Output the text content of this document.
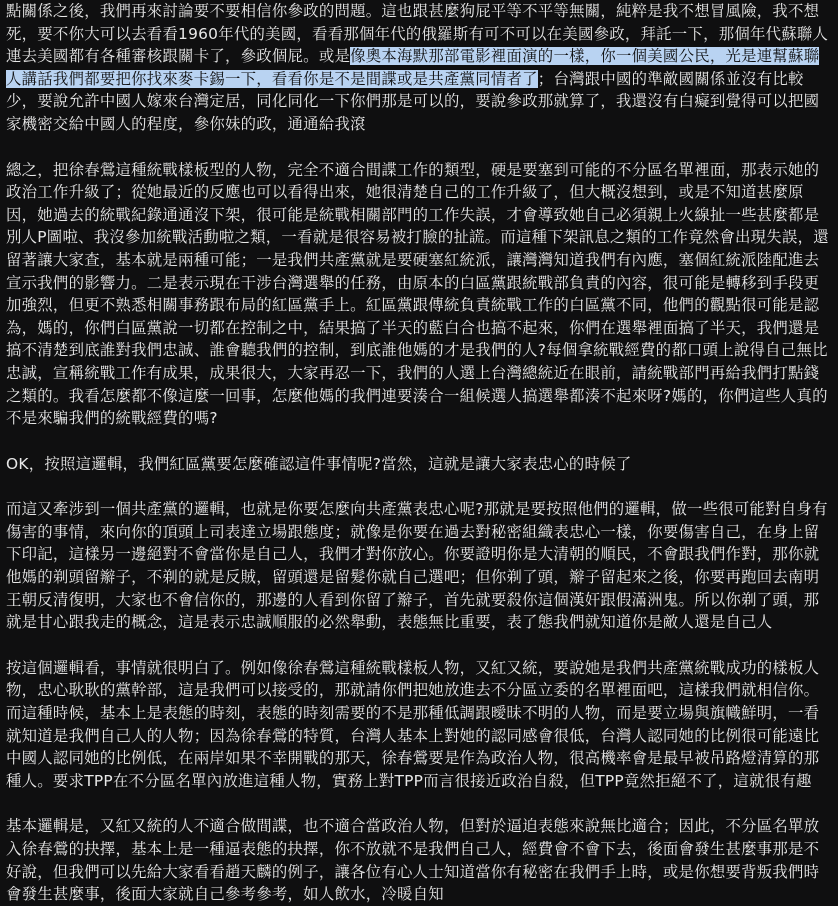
點關係之後，我們再來討論要不要相信你參政的問題。這也跟甚麼狗屁平等不平等無關，純粹是我不想冒風險，我不想死，要不你大可以去看看1960年代的美國，看看那個年代的俄羅斯有可不可以在美國參政，拜託一下，那個年代蘇聯人連去美國都有各種審核跟關卡了，參政個屁。或是像奧本海默那部電影裡面演的一樣，你一個美國公民，光是連幫蘇聯人講話我們都要把你找來麥卡錫一下，看看你是不是間諜或是共產黨同情者了；台灣跟中國的準敵國關係並沒有比較少，要說允許中國人嫁來台灣定居，同化同化一下你們那是可以的，要說參政那就算了，我還沒有白癡到覺得可以把國家機密交給中國人的程度，參你妹的政，通通給我滾

總之，把徐春鶯這種統戰樣板型的人物，完全不適合間諜工作的類型，硬是要塞到可能的不分區名單裡面，那表示她的政治工作升級了；從她最近的反應也可以看得出來，她很清楚自己的工作升級了，但大概沒想到，或是不知道甚麼原因，她過去的統戰紀錄通通沒下架，很可能是統戰相關部門的工作失誤，才會導致她自己必須親上火線扯一些甚麼都是別人P圖啦、我沒參加統戰活動啦之類，一看就是很容易被打臉的扯謊。而這種下架訊息之類的工作竟然會出現失誤，還留著讓大家查，基本就是兩種可能；一是我們共產黨就是要硬塞紅統派，讓灣灣知道我們有內應，塞個紅統派陸配進去宣示我們的影響力。二是表示現在干涉台灣選舉的任務，由原本的白區黨跟統戰部負責的內容，很可能是轉移到手段更加強烈，但更不熟悉相關事務跟布局的紅區黨手上。紅區黨跟傳統負責統戰工作的白區黨不同，他們的觀點很可能是認為，媽的，你們白區黨說一切都在控制之中，結果搞了半天的藍白合也搞不起來，你們在選舉裡面搞了半天，我們還是搞不清楚到底誰對我們忠誠、誰會聽我們的控制，到底誰他媽的才是我們的人?每個拿統戰經費的都口頭上說得自己無比忠誠，宣稱統戰工作有成果，成果很大，大家再忍一下，我們的人選上台灣總統近在眼前，請統戰部門再給我們打點錢之類的。我看怎麼都不像這麼一回事，怎麼他媽的我們連要湊合一組候選人搞選舉都湊不起來呀?媽的，你們這些人真的不是來騙我們的統戰經費的嗎?

OK，按照這邏輯，我們紅區黨要怎麼確認這件事情呢?當然，這就是讓大家表忠心的時候了

而這又牽涉到一個共產黨的邏輯，也就是你要怎麼向共產黨表忠心呢?那就是要按照他們的邏輯，做一些很可能對自身有傷害的事情，來向你的頂頭上司表達立場跟態度；就像是你要在過去對秘密組織表忠心一樣，你要傷害自己，在身上留下印記，這樣另一邊絕對不會當你是自己人，我們才對你放心。你要證明你是大清朝的順民，不會跟我們作對，那你就他媽的剃頭留辮子，不剃的就是反賊，留頭還是留髮你就自己選吧；但你剃了頭，辮子留起來之後，你要再跑回去南明王朝反清復明，大家也不會信你的，那邊的人看到你留了辮子，首先就要殺你這個漢奸跟假滿洲鬼。所以你剃了頭，那就是甘心跟我走的概念，這是表示忠誠順服的必然舉動，表態無比重要，表了態我們就知道你是敵人還是自己人

按這個邏輯看，事情就很明白了。例如像徐春鶯這種統戰樣板人物，又紅又統，要說她是我們共產黨統戰成功的樣板人物，忠心耿耿的黨幹部，這是我們可以接受的，那就請你們把她放進去不分區立委的名單裡面吧，這樣我們就相信你。而這種時候，基本上是表態的時刻，表態的時刻需要的不是那種低調跟曖昧不明的人物，而是要立場與旗幟鮮明，一看就知道是我們自己人的人物；因為徐春鶯的特質，台灣人基本上對她的認同感會很低，台灣人認同她的比例很可能遠比中國人認同她的比例低，在兩岸如果不幸開戰的那天，徐春鶯要是作為政治人物，很高機率會是最早被吊路燈清算的那種人。要求TPP在不分區名單內放進這種人物，實務上對TPP而言很接近政治自殺，但TPP竟然拒絕不了，這就很有趣

基本邏輯是，又紅又統的人不適合做間諜，也不適合當政治人物，但對於逼迫表態來說無比適合；因此，不分區名單放入徐春鶯的抉擇，基本上是一種逼表態的抉擇，你不放就不是我們自己人，經費會不會下去，後面會發生甚麼事那是不好說，但我們可以先給大家看看趙天麟的例子，讓各位有心人士知道當你有秘密在我們手上時，或是你想要背叛我們時會發生甚麼事，後面大家就自己參考參考，如人飲水，冷暖自知
